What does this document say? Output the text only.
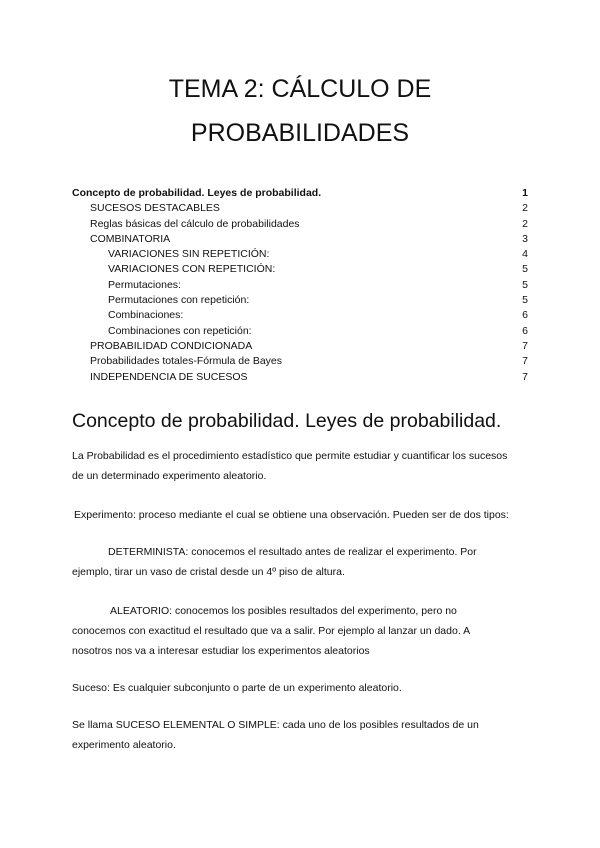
TEMA 2: CÁLCULO DE
PROBABILIDADES
Concepto de probabilidad. Leyes de probabilidad.	1
SUCESOS DESTACABLES	2
Reglas básicas del cálculo de probabilidades	2
COMBINATORIA	3
VARIACIONES SIN REPETICIÓN:	4
VARIACIONES CON REPETICIÓN:	5
Permutaciones:	5
Permutaciones con repetición:	5
Combinaciones:	6
Combinaciones con repetición:	6
PROBABILIDAD CONDICIONADA	7
Probabilidades totales-Fórmula de Bayes	7
INDEPENDENCIA DE SUCESOS	7
Concepto de probabilidad. Leyes de probabilidad.
La Probabilidad es el procedimiento estadístico que permite estudiar y cuantificar los sucesos de un determinado experimento aleatorio.
Experimento: proceso mediante el cual se obtiene una observación. Pueden ser de dos tipos:
DETERMINISTA: conocemos el resultado antes de realizar el experimento. Por ejemplo, tirar un vaso de cristal desde un 4º piso de altura.
ALEATORIO: conocemos los posibles resultados del experimento, pero no conocemos con exactitud el resultado que va a salir. Por ejemplo al lanzar un dado. A nosotros nos va a interesar estudiar los experimentos aleatorios
Suceso: Es cualquier subconjunto o parte de un experimento aleatorio.
Se llama SUCESO ELEMENTAL O SIMPLE: cada uno de los posibles resultados de un experimento aleatorio.
